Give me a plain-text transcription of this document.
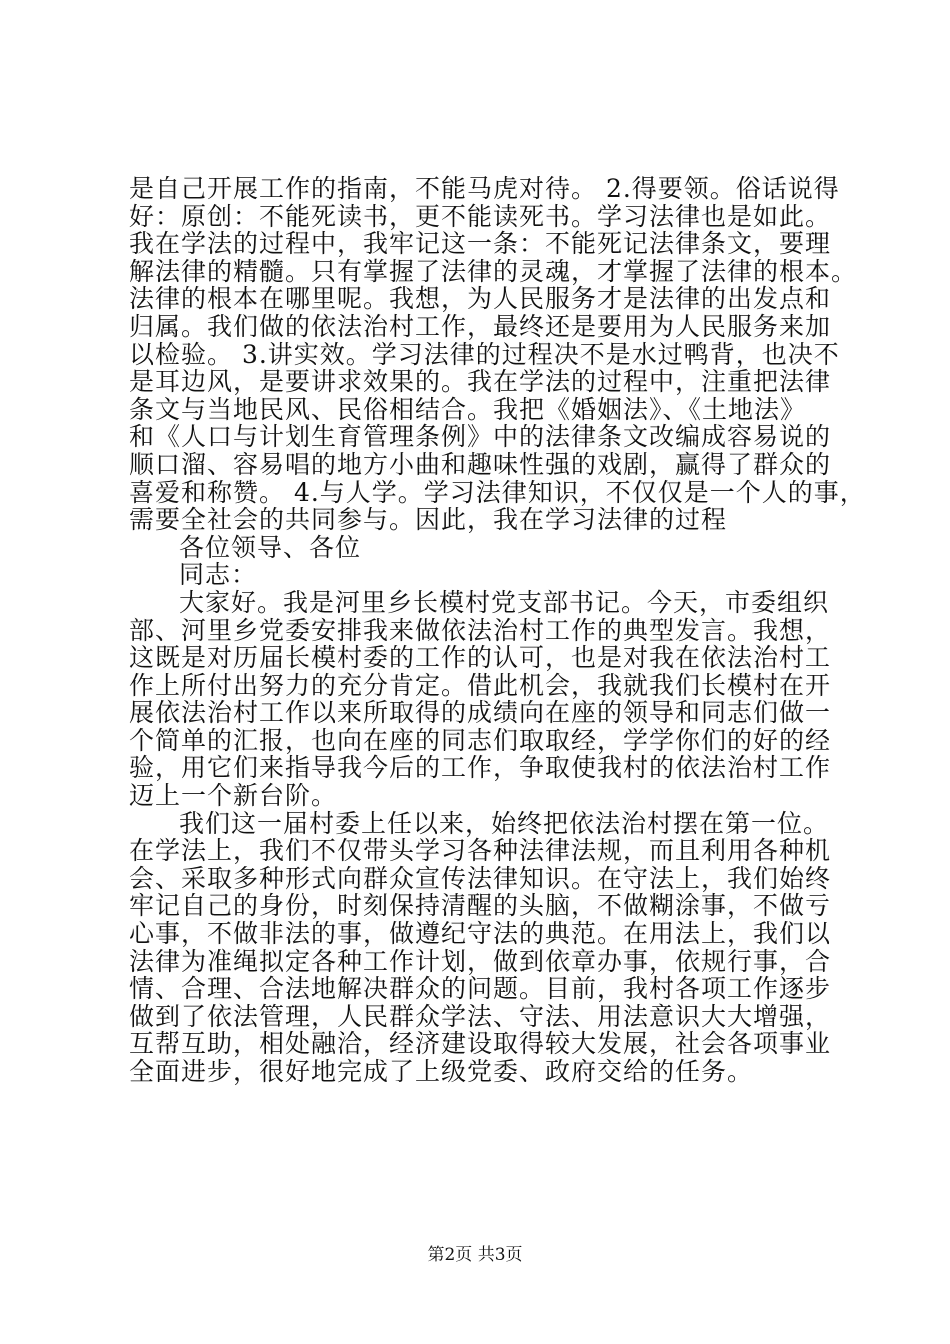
是自己开展工作的指南，不能马虎对待。 2.得要领。俗话说得
好：原创：不能死读书，更不能读死书。学习法律也是如此。
我在学法的过程中，我牢记这一条：不能死记法律条文，要理
解法律的精髓。只有掌握了法律的灵魂，才掌握了法律的根本。
法律的根本在哪里呢。我想，为人民服务才是法律的出发点和
归属。我们做的依法治村工作，最终还是要用为人民服务来加
以检验。 3.讲实效。学习法律的过程决不是水过鸭背，也决不
是耳边风，是要讲求效果的。我在学法的过程中，注重把法律
条文与当地民风、民俗相结合。我把《婚姻法》、《土地法》
和《人口与计划生育管理条例》中的法律条文改编成容易说的
顺口溜、容易唱的地方小曲和趣味性强的戏剧，赢得了群众的
喜爱和称赞。 4.与人学。学习法律知识，不仅仅是一个人的事，
需要全社会的共同参与。因此，我在学习法律的过程
各位领导、各位
同志：
大家好。我是河里乡长模村党支部书记。今天，市委组织
部、河里乡党委安排我来做依法治村工作的典型发言。我想，
这既是对历届长模村委的工作的认可，也是对我在依法治村工
作上所付出努力的充分肯定。借此机会，我就我们长模村在开
展依法治村工作以来所取得的成绩向在座的领导和同志们做一
个简单的汇报，也向在座的同志们取取经，学学你们的好的经
验，用它们来指导我今后的工作，争取使我村的依法治村工作
迈上一个新台阶。
我们这一届村委上任以来，始终把依法治村摆在第一位。
在学法上，我们不仅带头学习各种法律法规，而且利用各种机
会、采取多种形式向群众宣传法律知识。在守法上，我们始终
牢记自己的身份，时刻保持清醒的头脑，不做糊涂事，不做亏
心事，不做非法的事，做遵纪守法的典范。在用法上，我们以
法律为准绳拟定各种工作计划，做到依章办事，依规行事，合
情、合理、合法地解决群众的问题。目前，我村各项工作逐步
做到了依法管理，人民群众学法、守法、用法意识大大增强，
互帮互助，相处融洽，经济建设取得较大发展，社会各项事业
全面进步，很好地完成了上级党委、政府交给的任务。
第2页 共3页
